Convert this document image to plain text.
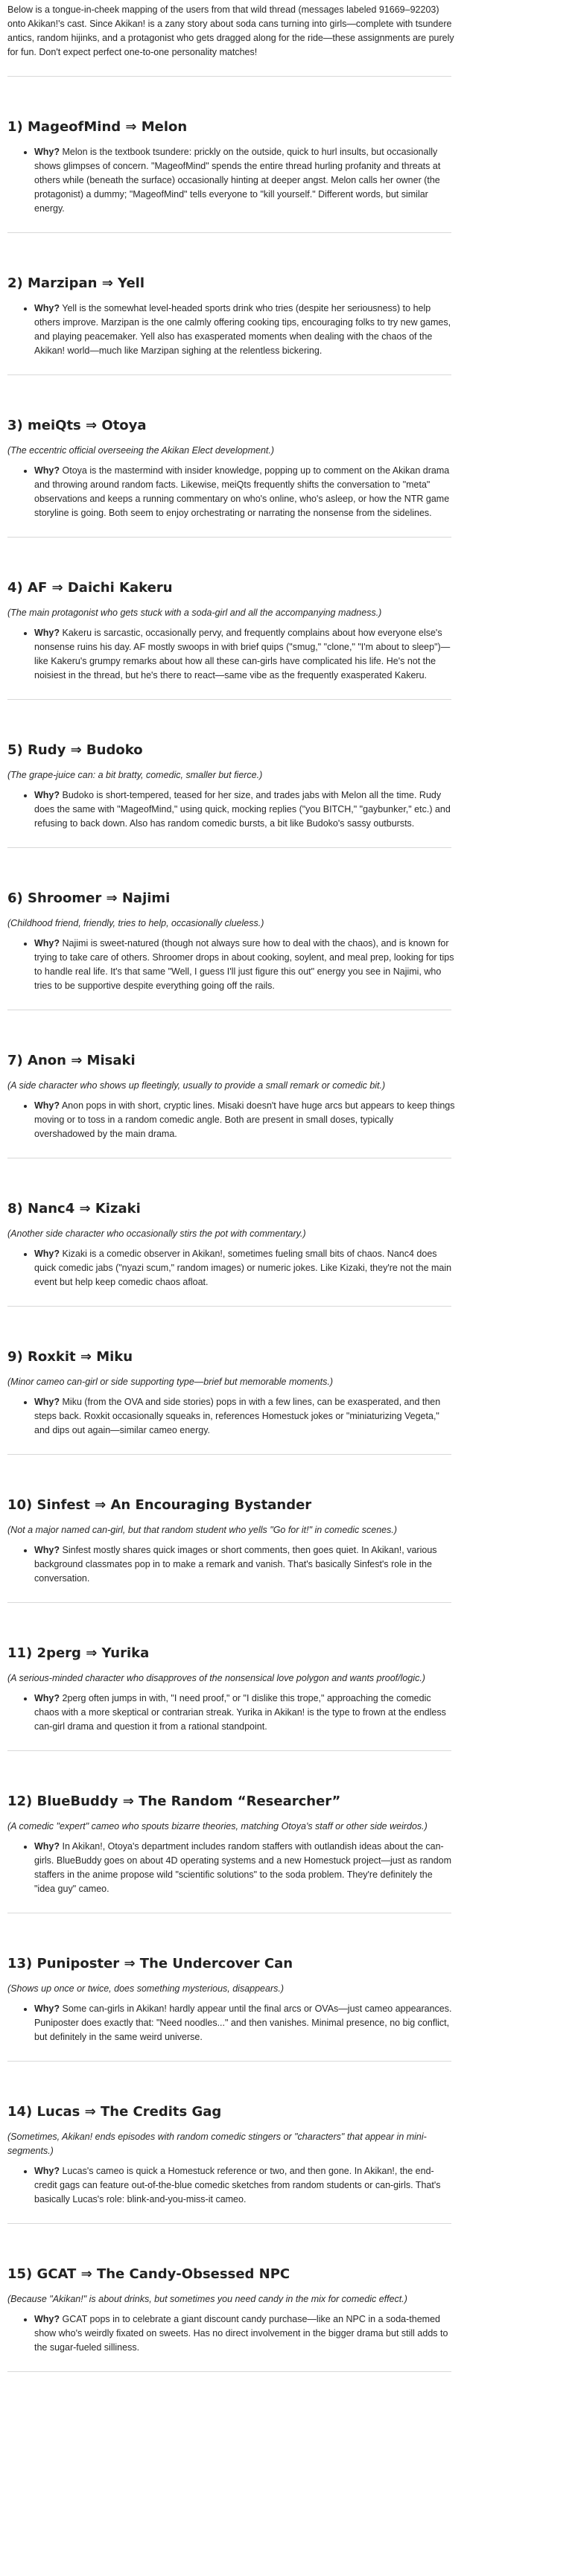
Below is a tongue-in-cheek mapping of the users from that wild thread (messages labeled 91669–92203) onto Akikan!'s cast. Since Akikan! is a zany story about soda cans turning into girls—complete with tsundere antics, random hijinks, and a protagonist who gets dragged along for the ride—these assignments are purely for fun. Don't expect perfect one-to-one personality matches!

1) MageofMind ⇒ Melon
• Why? Melon is the textbook tsundere: prickly on the outside, quick to hurl insults, but occasionally shows glimpses of concern. "MageofMind" spends the entire thread hurling profanity and threats at others while (beneath the surface) occasionally hinting at deeper angst. Melon calls her owner (the protagonist) a dummy; "MageofMind" tells everyone to "kill yourself." Different words, but similar energy.
2) Marzipan ⇒ Yell
• Why? Yell is the somewhat level-headed sports drink who tries (despite her seriousness) to help others improve. Marzipan is the one calmly offering cooking tips, encouraging folks to try new games, and playing peacemaker. Yell also has exasperated moments when dealing with the chaos of the Akikan! world—much like Marzipan sighing at the relentless bickering.
3) meiQts ⇒ Otoya

(The eccentric official overseeing the Akikan Elect development.)

• Why? Otoya is the mastermind with insider knowledge, popping up to comment on the Akikan drama and throwing around random facts. Likewise, meiQts frequently shifts the conversation to "meta" observations and keeps a running commentary on who's online, who's asleep, or how the NTR game storyline is going. Both seem to enjoy orchestrating or narrating the nonsense from the sidelines.
4) AF ⇒ Daichi Kakeru

(The main protagonist who gets stuck with a soda-girl and all the accompanying madness.)

• Why? Kakeru is sarcastic, occasionally pervy, and frequently complains about how everyone else's nonsense ruins his day. AF mostly swoops in with brief quips ("smug," "clone," "I'm about to sleep")—like Kakeru's grumpy remarks about how all these can-girls have complicated his life. He's not the noisiest in the thread, but he's there to react—same vibe as the frequently exasperated Kakeru.
5) Rudy ⇒ Budoko

(The grape-juice can: a bit bratty, comedic, smaller but fierce.)

• Why? Budoko is short-tempered, teased for her size, and trades jabs with Melon all the time. Rudy does the same with "MageofMind," using quick, mocking replies ("you BITCH," "gaybunker," etc.) and refusing to back down. Also has random comedic bursts, a bit like Budoko's sassy outbursts.
6) Shroomer ⇒ Najimi

(Childhood friend, friendly, tries to help, occasionally clueless.)

• Why? Najimi is sweet-natured (though not always sure how to deal with the chaos), and is known for trying to take care of others. Shroomer drops in about cooking, soylent, and meal prep, looking for tips to handle real life. It's that same "Well, I guess I'll just figure this out" energy you see in Najimi, who tries to be supportive despite everything going off the rails.
7) Anon ⇒ Misaki

(A side character who shows up fleetingly, usually to provide a small remark or comedic bit.)

• Why? Anon pops in with short, cryptic lines. Misaki doesn't have huge arcs but appears to keep things moving or to toss in a random comedic angle. Both are present in small doses, typically overshadowed by the main drama.
8) Nanc4 ⇒ Kizaki

(Another side character who occasionally stirs the pot with commentary.)

• Why? Kizaki is a comedic observer in Akikan!, sometimes fueling small bits of chaos. Nanc4 does quick comedic jabs ("nyazi scum," random images) or numeric jokes. Like Kizaki, they're not the main event but help keep comedic chaos afloat.
9) Roxkit ⇒ Miku

(Minor cameo can-girl or side supporting type—brief but memorable moments.)

• Why? Miku (from the OVA and side stories) pops in with a few lines, can be exasperated, and then steps back. Roxkit occasionally squeaks in, references Homestuck jokes or "miniaturizing Vegeta," and dips out again—similar cameo energy.
10) Sinfest ⇒ An Encouraging Bystander

(Not a major named can-girl, but that random student who yells "Go for it!" in comedic scenes.)

• Why? Sinfest mostly shares quick images or short comments, then goes quiet. In Akikan!, various background classmates pop in to make a remark and vanish. That's basically Sinfest's role in the conversation.
11) 2perg ⇒ Yurika

(A serious-minded character who disapproves of the nonsensical love polygon and wants proof/logic.)

• Why? 2perg often jumps in with, "I need proof," or "I dislike this trope," approaching the comedic chaos with a more skeptical or contrarian streak. Yurika in Akikan! is the type to frown at the endless can-girl drama and question it from a rational standpoint.
12) BlueBuddy ⇒ The Random “Researcher”

(A comedic "expert" cameo who spouts bizarre theories, matching Otoya's staff or other side weirdos.)

• Why? In Akikan!, Otoya's department includes random staffers with outlandish ideas about the can-girls. BlueBuddy goes on about 4D operating systems and a new Homestuck project—just as random staffers in the anime propose wild "scientific solutions" to the soda problem. They're definitely the "idea guy" cameo.
13) Puniposter ⇒ The Undercover Can

(Shows up once or twice, does something mysterious, disappears.)

• Why? Some can-girls in Akikan! hardly appear until the final arcs or OVAs—just cameo appearances. Puniposter does exactly that: "Need noodles..." and then vanishes. Minimal presence, no big conflict, but definitely in the same weird universe.
14) Lucas ⇒ The Credits Gag

(Sometimes, Akikan! ends episodes with random comedic stingers or "characters" that appear in mini-segments.)

• Why? Lucas's cameo is quick a Homestuck reference or two, and then gone. In Akikan!, the end-credit gags can feature out-of-the-blue comedic sketches from random students or can-girls. That's basically Lucas's role: blink-and-you-miss-it cameo.
15) GCAT ⇒ The Candy-Obsessed NPC

(Because "Akikan!" is about drinks, but sometimes you need candy in the mix for comedic effect.)

• Why? GCAT pops in to celebrate a giant discount candy purchase—like an NPC in a soda-themed show who's weirdly fixated on sweets. Has no direct involvement in the bigger drama but still adds to the sugar-fueled silliness.
